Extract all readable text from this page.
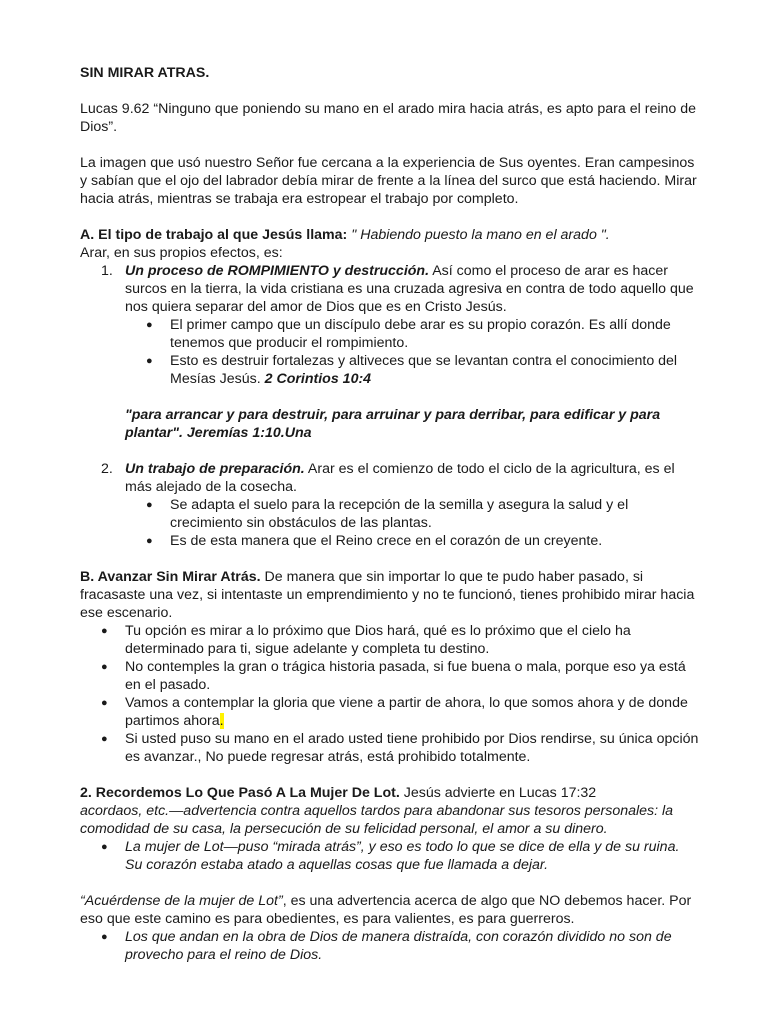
SIN MIRAR ATRAS.

Lucas 9.62 “Ninguno que poniendo su mano en el arado mira hacia atrás, es apto para el reino de Dios”.

La imagen que usó nuestro Señor fue cercana a la experiencia de Sus oyentes. Eran campesinos y sabían que el ojo del labrador debía mirar de frente a la línea del surco que está haciendo. Mirar hacia atrás, mientras se trabaja era estropear el trabajo por completo.

A. El tipo de trabajo al que Jesús llama: " Habiendo puesto la mano en el arado ".

Arar, en sus propios efectos, es:

1. Un proceso de ROMPIMIENTO y destrucción. Así como el proceso de arar es hacer surcos en la tierra, la vida cristiana es una cruzada agresiva en contra de todo aquello que nos quiera separar del amor de Dios que es en Cristo Jesús.

● El primer campo que un discípulo debe arar es su propio corazón. Es allí donde tenemos que producir el rompimiento.

● Esto es destruir fortalezas y altiveces que se levantan contra el conocimiento del Mesías Jesús. 2 Corintios 10:4

"para arrancar y para destruir, para arruinar y para derribar, para edificar y para plantar". Jeremías 1:10.Una

2. Un trabajo de preparación. Arar es el comienzo de todo el ciclo de la agricultura, es el más alejado de la cosecha.

● Se adapta el suelo para la recepción de la semilla y asegura la salud y el crecimiento sin obstáculos de las plantas.

● Es de esta manera que el Reino crece en el corazón de un creyente.

B. Avanzar Sin Mirar Atrás. De manera que sin importar lo que te pudo haber pasado, si fracasaste una vez, si intentaste un emprendimiento y no te funcionó, tienes prohibido mirar hacia ese escenario.

● Tu opción es mirar a lo próximo que Dios hará, qué es lo próximo que el cielo ha determinado para ti, sigue adelante y completa tu destino.

● No contemples la gran o trágica historia pasada, si fue buena o mala, porque eso ya está en el pasado.

● Vamos a contemplar la gloria que viene a partir de ahora, lo que somos ahora y de donde partimos ahora.

● Si usted puso su mano en el arado usted tiene prohibido por Dios rendirse, su única opción es avanzar., No puede regresar atrás, está prohibido totalmente.

2. Recordemos Lo Que Pasó A La Mujer De Lot. Jesús advierte en Lucas 17:32

acordaos, etc.—advertencia contra aquellos tardos para abandonar sus tesoros personales: la comodidad de su casa, la persecución de su felicidad personal, el amor a su dinero.

● La mujer de Lot—puso “mirada atrás”, y eso es todo lo que se dice de ella y de su ruina. Su corazón estaba atado a aquellas cosas que fue llamada a dejar.

“Acuérdense de la mujer de Lot”, es una advertencia acerca de algo que NO debemos hacer. Por eso que este camino es para obedientes, es para valientes, es para guerreros.

● Los que andan en la obra de Dios de manera distraída, con corazón dividido no son de provecho para el reino de Dios.
